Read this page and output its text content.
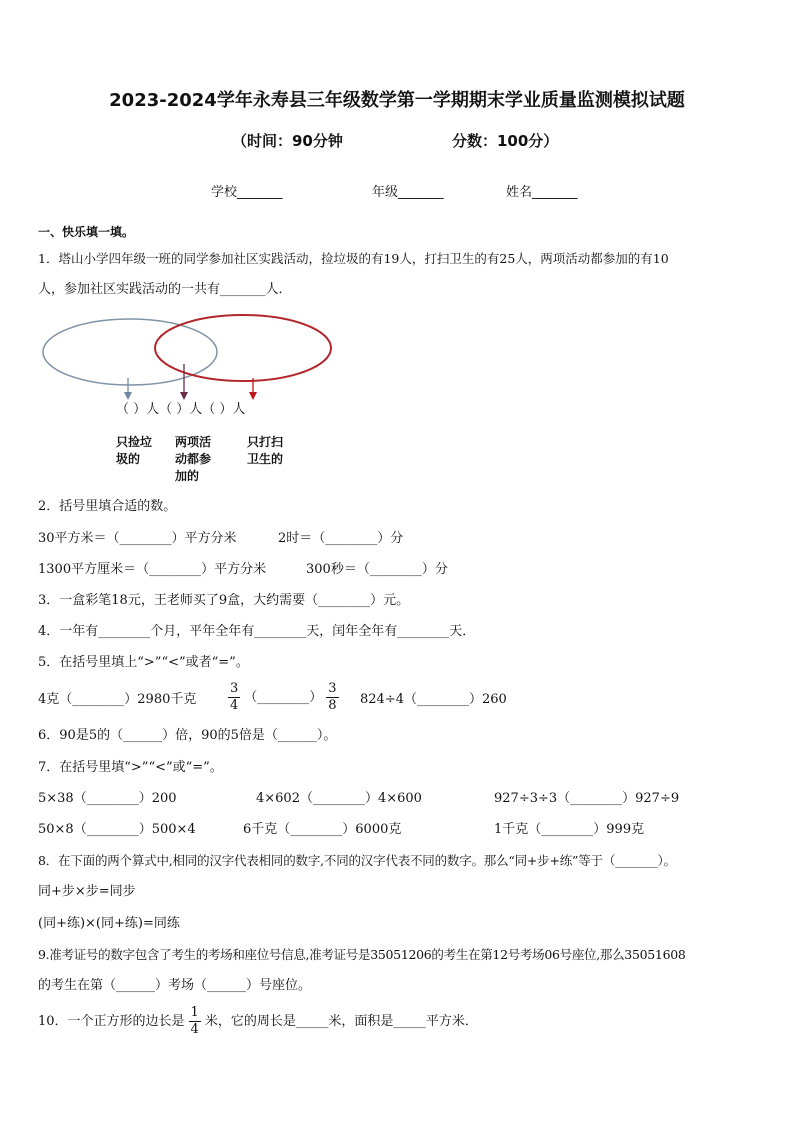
2023-2024学年永寿县三年级数学第一学期期末学业质量监测模拟试题
（时间：90分钟	分数：100分）
学校_______	年级_______	姓名_______
一、快乐填一填。
1．塔山小学四年级一班的同学参加社区实践活动，捡垃圾的有19人，打扫卫生的有25人，两项活动都参加的有10
人，参加社区实践活动的一共有_______人．
（ ）人（ ）人（ ）人
只捡垃圾的
两项活动都参加的
只打扫卫生的
2．括号里填合适的数。
30平方米＝（________）平方分米	2时＝（________）分
1300平方厘米＝（________）平方分米	300秒＝（________）分
3．一盒彩笔18元，王老师买了9盒，大约需要（________）元。
4．一年有________个月，平年全年有________天，闰年全年有________天．
5．在括号里填上“>”“<”或者“=”。
4克（________）2980千克 $\frac{3}{4}$ （________） $\frac{3}{8}$ 824÷4（________）260
6．90是5的（______）倍，90的5倍是（______）。
7．在括号里填“>”“<”或“=”。
5×38（________）200	4×602（________）4×600	927÷3÷3（________）927÷9
50×8（________）500×4	6千克（________）6000克	1千克（________）999克
8．在下面的两个算式中,相同的汉字代表相同的数字,不同的汉字代表不同的数字。那么“同+步+练”等于（_______）。
同+步×步=同步
(同+练)×(同+练)=同练
9.准考证号的数字包含了考生的考场和座位号信息,准考证号是35051206的考生在第12号考场06号座位,那么35051608
的考生在第（______）考场（______）号座位。
10．一个正方形的边长是 $\frac{1}{4}$ 米，它的周长是_____米，面积是_____平方米．
